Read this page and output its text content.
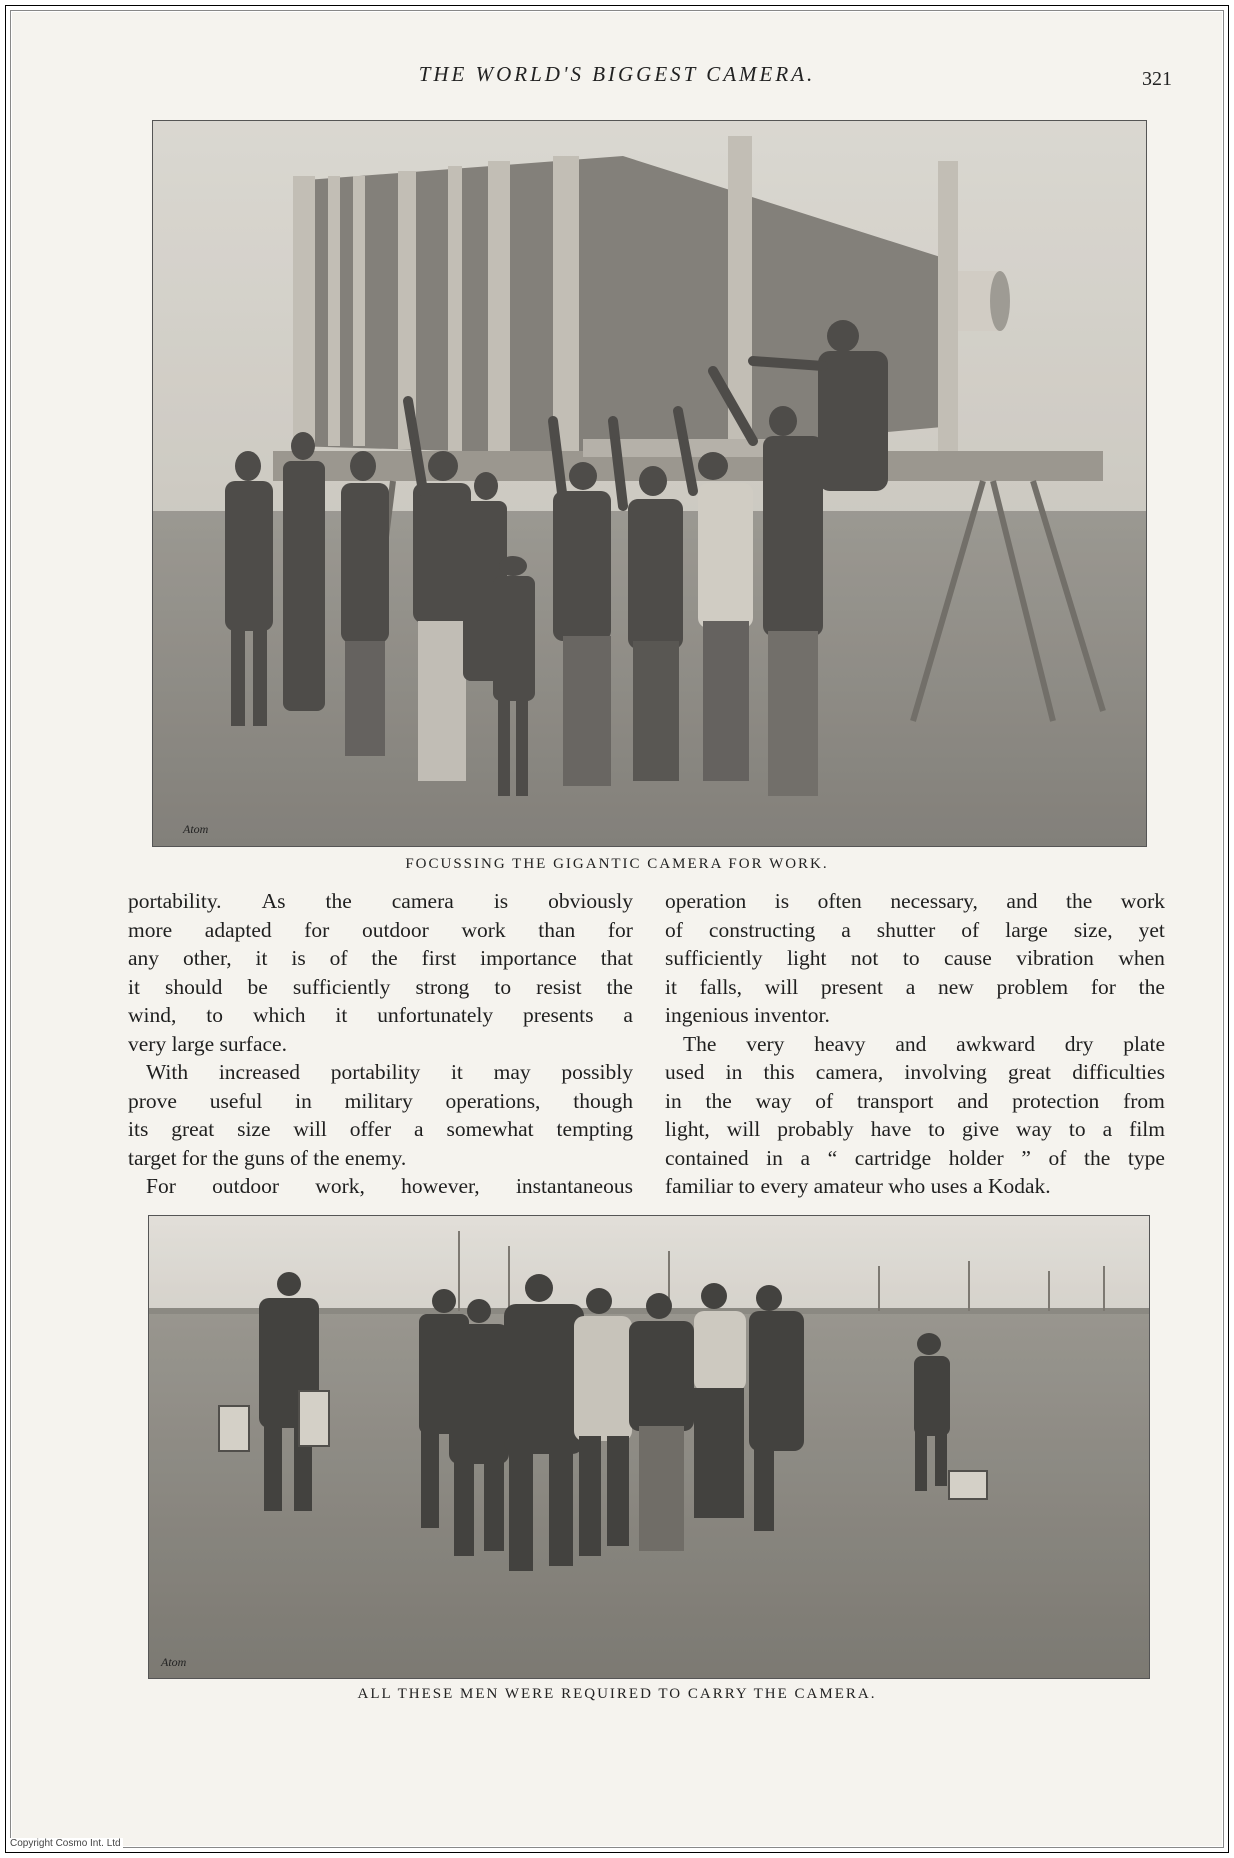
THE WORLD'S BIGGEST CAMERA.	321
Atom
FOCUSSING THE GIGANTIC CAMERA FOR WORK.
portability. As the camera is obviously
more adapted for outdoor work than for
any other, it is of the first importance that
it should be sufficiently strong to resist the
wind, to which it unfortunately presents a
very large surface.
With increased portability it may possibly
prove useful in military operations, though
its great size will offer a somewhat tempting
target for the guns of the enemy.
For outdoor work, however, instantaneous
operation is often necessary, and the work
of constructing a shutter of large size, yet
sufficiently light not to cause vibration when
it falls, will present a new problem for the
ingenious inventor.
The very heavy and awkward dry plate
used in this camera, involving great difficulties
in the way of transport and protection from
light, will probably have to give way to a film
contained in a “ cartridge holder ” of the type
familiar to every amateur who uses a Kodak.
Atom
ALL THESE MEN WERE REQUIRED TO CARRY THE CAMERA.
Copyright Cosmo Int. Ltd
